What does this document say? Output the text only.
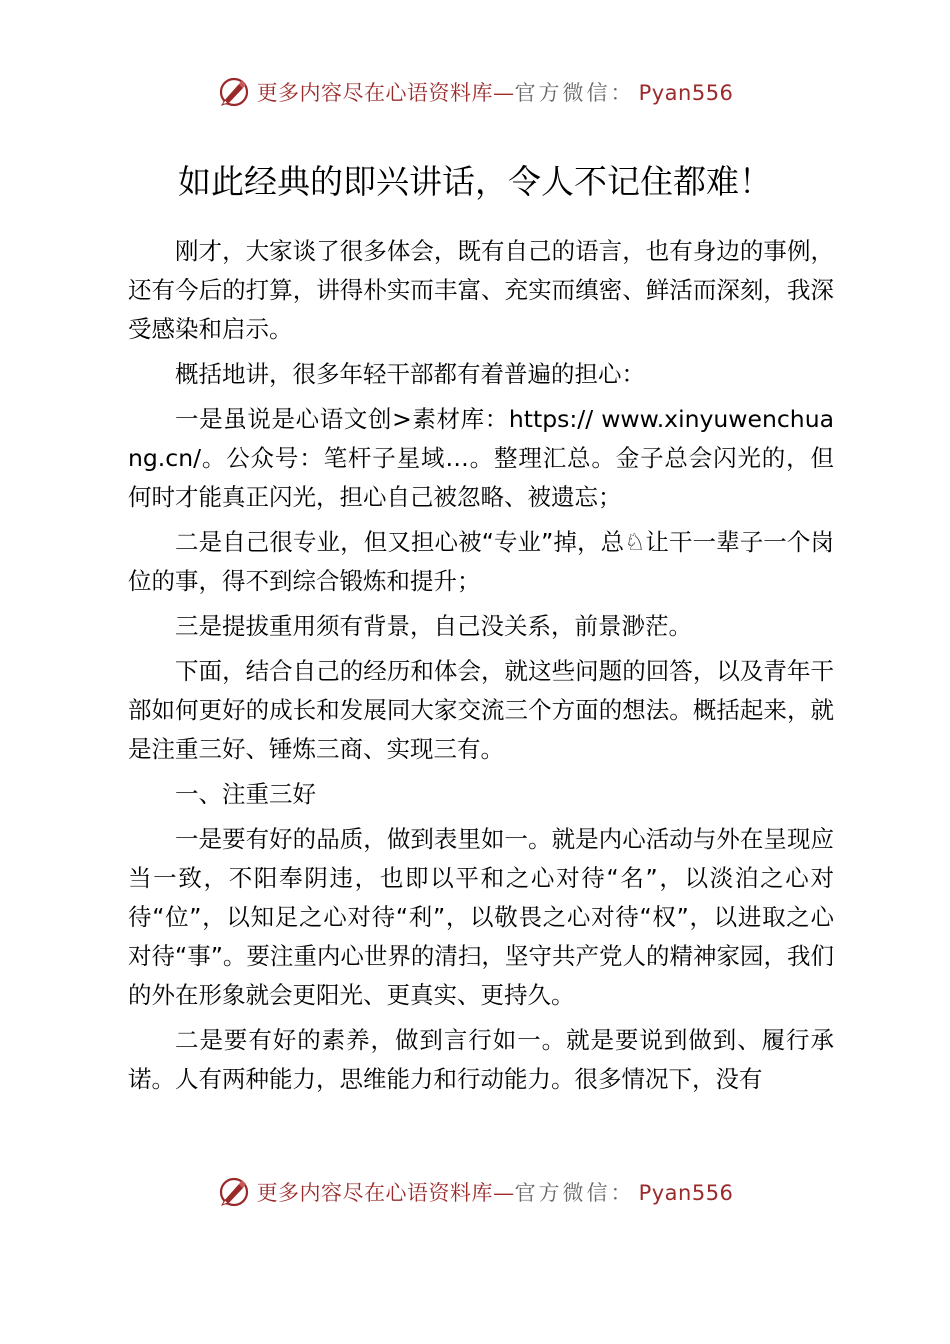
更多内容尽在心语资料库—官方微信： Pyan556
如此经典的即兴讲话，令人不记住都难！

刚才，大家谈了很多体会，既有自己的语言，也有身边的事例，还有今后的打算，讲得朴实而丰富、充实而缜密、鲜活而深刻，我深受感染和启示。

概括地讲，很多年轻干部都有着普遍的担心：

一是虽说是心语文创>素材库：https:// www.xinyuwenchuang.cn/。公众号：笔杆子星域…。整理汇总。金子总会闪光的，但何时才能真正闪光，担心自己被忽略、被遗忘；

二是自己很专业，但又担心被“专业”掉，总♘让干一辈子一个岗位的事，得不到综合锻炼和提升；

三是提拔重用须有背景，自己没关系，前景渺茫。

下面，结合自己的经历和体会，就这些问题的回答，以及青年干部如何更好的成长和发展同大家交流三个方面的想法。概括起来，就是注重三好、锤炼三商、实现三有。

一、注重三好

一是要有好的品质，做到表里如一。就是内心活动与外在呈现应当一致，不阳奉阴违，也即以平和之心对待“名”，以淡泊之心对待“位”，以知足之心对待“利”，以敬畏之心对待“权”，以进取之心对待“事”。要注重内心世界的清扫，坚守共产党人的精神家园，我们的外在形象就会更阳光、更真实、更持久。

二是要有好的素养，做到言行如一。就是要说到做到、履行承诺。人有两种能力，思维能力和行动能力。很多情况下，没有

更多内容尽在心语资料库—官方微信： Pyan556
